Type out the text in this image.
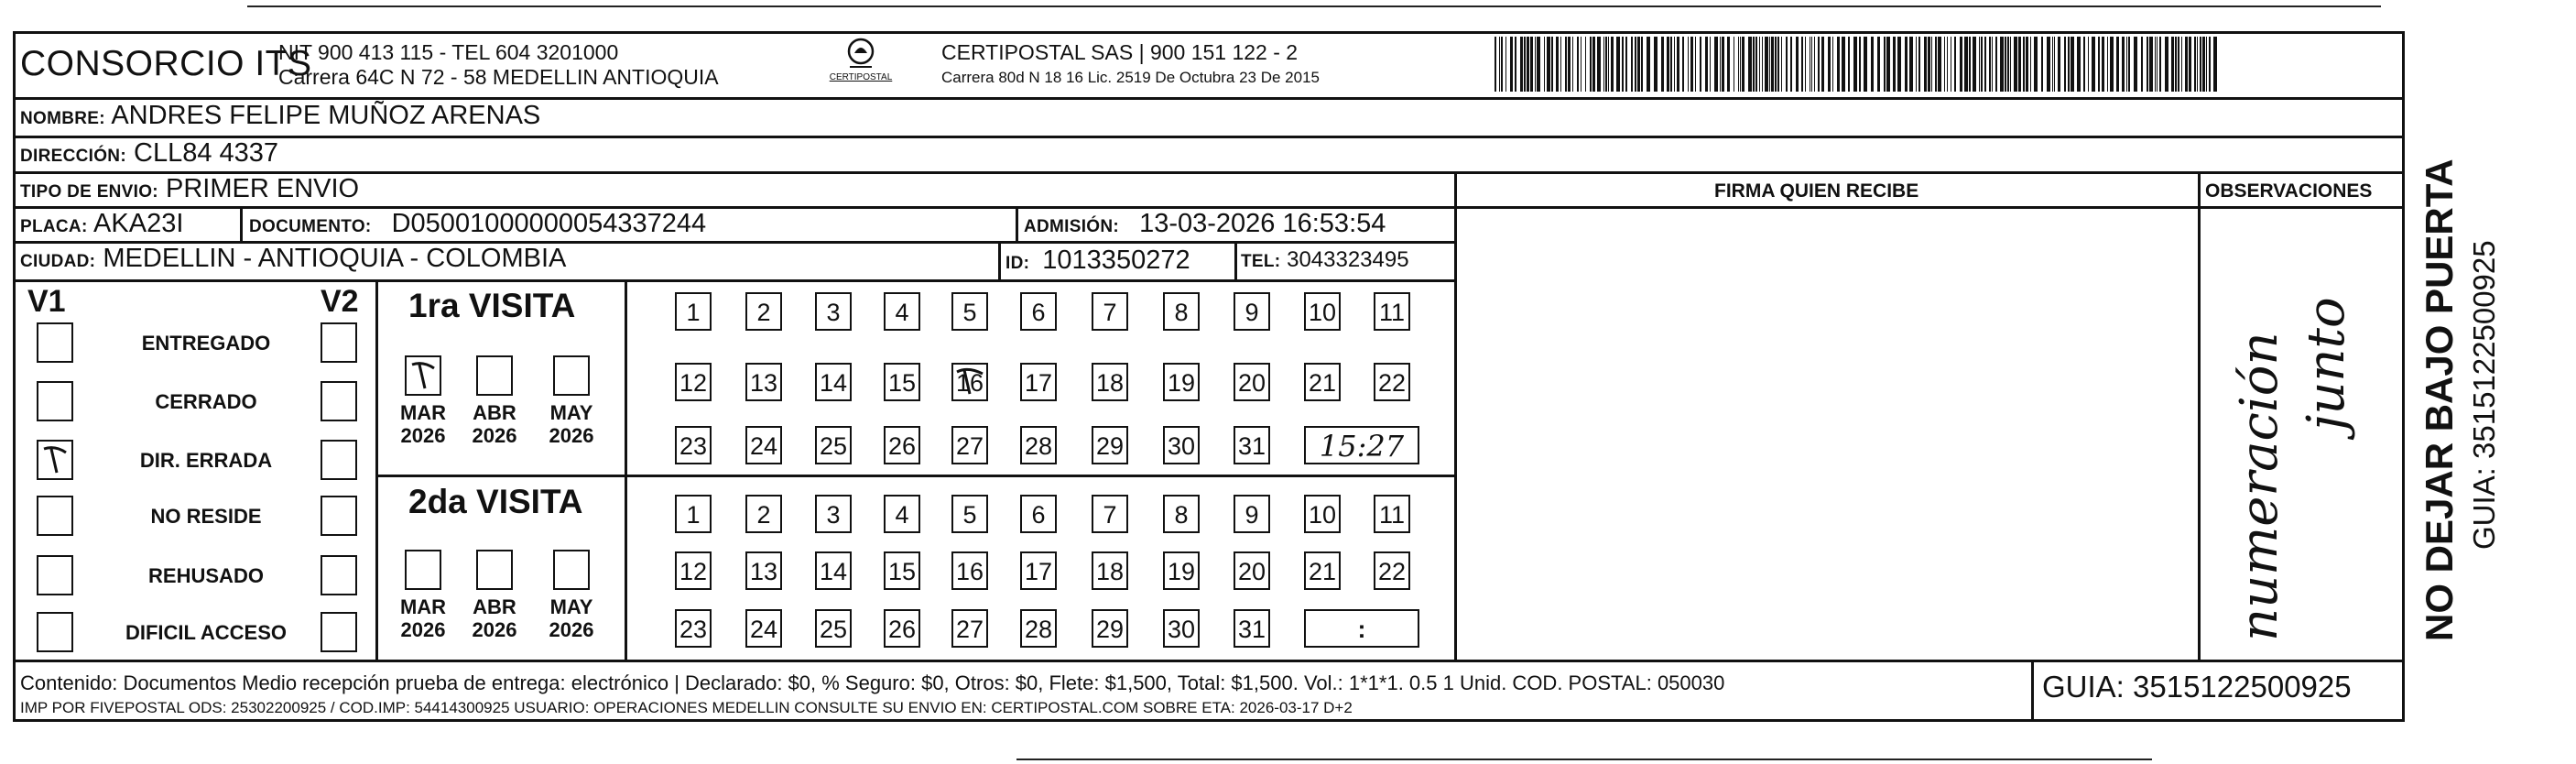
CONSORCIO ITS
NIT 900 413 115 - TEL 604 3201000
Carrera 64C N 72 - 58 MEDELLIN ANTIOQUIA	CERTIPOSTAL
CERTIPOSTAL SAS | 900 151 122 - 2
Carrera 80d N 18 16 Lic. 2519 De Octubra 23 De 2015
NOMBRE: ANDRES FELIPE MUÑOZ ARENAS
DIRECCIÓN: CLL84 4337
TIPO DE ENVIO: PRIMER ENVIO	FIRMA QUIEN RECIBE	OBSERVACIONES
PLACA: AKA23I	DOCUMENTO: D05001000000054337244	ADMISIÓN: 13-03-2026 16:53:54
CIUDAD: MEDELLIN - ANTIOQUIA - COLOMBIA	ID: 1013350272	TEL: 3043323495
V1	V2
ENTREGADO
CERRADO
DIR. ERRADA
NO RESIDE
REHUSADO
DIFICIL ACCESO
1ra VISITA
2da VISITA
MAR
2026
ABR
2026
MAY
2026
MAR
2026
ABR
2026
MAY
2026
1	2	3	4	5	6	7	8	9	10 11
12 13 14 15 16 17 18 19 20 21 22
23 24 25 26 27 28 29 30 31	15:27
1	2	3	4	5	6	7	8	9	10 11
12 13 14 15 16 17 18 19 20 21 22
23 24 25 26 27 28 29 30 31	:	numeración junto
Contenido: Documentos Medio recepción prueba de entrega: electrónico | Declarado: $0, % Seguro: $0, Otros: $0, Flete: $1,500, Total: $1,500. Vol.: 1*1*1. 0.5 1 Unid. COD. POSTAL: 050030
IMP POR FIVEPOSTAL ODS: 25302200925 / COD.IMP: 54414300925 USUARIO: OPERACIONES MEDELLIN CONSULTE SU ENVIO EN: CERTIPOSTAL.COM SOBRE ETA: 2026-03-17 D+2
GUIA: 3515122500925
NO DEJAR BAJO PUERTA GUIA: 3515122500925
